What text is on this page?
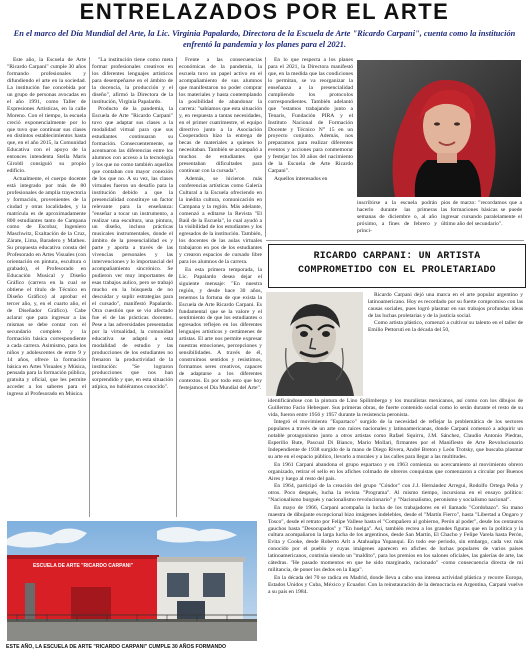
ENTRELAZADOS POR EL ARTE
En el marco del Día Mundial del Arte, la Lic. Virginia Papalardo, Directora de la Escuela de Arte "Ricardo Carpani", cuenta como la institución enfrentó la pandemia y los planes para el 2021.

Este año, la Escuela de Arte "Ricardo Carpani" cumple 30 años formando profesionales y difundiendo el arte en la sociedad. La institución fue concebida por un grupo de personas avocadas en el año 1991, como Taller de Expresiones Artísticas, en la calle Moreno. Con el tiempo, la escuela creció exponencialmente por lo que tuvo que continuar sus clases en distintos establecimientos hasta que, en el año 2015, la Comunidad Educativa con el apoyo de la entonces intendenta Stella Maris Giroldi consiguió su propio edificio.

Actualmente, el cuerpo docente está integrado por más de 80 profesionales de amplia trayectoria y formación, provenientes de la ciudad y otras localidades, y la matrícula es de aproximadamente 800 estudiantes tanto de Campana como de Escobar, Ingeniero Maschwitz, Exaltación de la Cruz, Zárate, Lima, Baradero y Matheu. Su propuesta educativa consta del Profesorado en Artes Visuales (con orientación en pintura, escultura o grabado), el Profesorado en Educación Musical y Diseño Gráfico (carrera en la cual se obtiene el título de Técnico en Diseño Gráfico) al aprobar el tercer año, y, en el cuarto año, el de Diseñador Gráfico). Cabe aclarar que para ingresar a las mismas se debe contar con el secundario completo y la formación básica correspondiente a cada carrera. Asimismo, para los niños y adolescentes de entre 9 y 14 años, ofrece la formación básica en Artes Visuales y Música, pensada para la formación pública, gratuita y oficial, que les permite acceder a los saberes para el ingreso al Profesorado en Música.

"La institución tiene como meta formar profesionales creativos en los diferentes lenguajes artísticos para desempeñarse en el ámbito de la docencia, la producción y el diseño", afirmó la Directora de la institución, Virginia Papalardo.

Producto de la pandemia, la Escuela de Arte "Ricardo Carpani" tuvo que adaptar sus clases a la modalidad virtual para que sus estudiantes continuaran su formación. Consecuentemente, se acentuaron las diferencias entre los alumnos con acceso a la tecnología y los que no como también aquellos que contaban con mayor conexión de los que no. A su vez, las clases virtuales fueron un desafío para la institución debido a que la presencialidad constituye un factor relevante para la enseñanza: "enseñar a tocar un instrumento, a realizar una escultura, una pintura, un diseño, incluso prácticas musicales instrumentales, donde el ámbito de la presencialidad es y parte y aporta a través de las vivencias personales y las intervenciones y lo importancial del acompañamiento sincrónico. Se pudieron ver muy importantes de esas trabajos aulico, pero se trabajó mucho en la búsqueda de no descuidar y suplir estrategias para el cursado", manifestó Papalardo. Otra cuestión que se vio afectado fue el de las prácticas docentes. Pese a las adversidades presentadas por la virtualidad, la comunidad educativa se adaptó a esta modalidad de estudio y las producciones de los estudiantes no frenaron la productividad de la institución: "Se lograron producciones que nos han sorprendido y que, en esta situación atípica, no hubiéramos conocido".

Frente a las consecuencias económicas de la pandemia, la escuela tuvo un papel activo en el acompañamiento de sus alumnos que manifestaron no poder comprar los materiales y hasta contemplando la posibilidad de abandonar la carrera: "sabíamos que esta situación y, en respuesta a tantas necesidades, en el primer cuatrimestre, el equipo directivo junto a la Asociación Cooperadora hizo la entrega de becas de materiales a quienes lo necesitaban. También se acompañó a muchos de estudiantes que presentaban dificultades para continuar con la cursada".

Además, se hicieron más conferencias artísticas como Galería Cultural a la Escuela ofreciendo en la inédita cultura, comunicación en Campana y la región. Más adelante, comenzó a editarse la Revista "El Baúl de la Escuela", lo cual ayudó a la visibilidad de los estudiantes y los egresados de la institución. También, los docentes de las aulas virtuales trabajaron en pos de los estudiantes y crearon espacios de cursado libre para los alumnos de la carrera.

En esta primera temporada, la Lic. Papalardo desea dejar el siguiente mensaje: "En nuestra región, y desde hace 30 años, tenemos la fortuna de que exista la Escuela de Arte Ricardo Carpani. Es fundamental que se la valore y el sentimiento de que los estudiantes o egresados reflejen en los diferentes lenguajes artísticos y certámenes de artistas. El arte nos permite expresar nuestras emociones, percepciones y sensibilidades. A través de él, construimos sentidos y resistimos, formamos seres creativos, capaces de adaptarse a los diferentes contextos. Es por todo esto que hoy festejamos el Día Mundial del Arte".

En lo que respecta a los planes para el 2021, la Directora manifestó que, en la medida que las condiciones lo permitan, se va reorganizar la enseñanza a la presencialidad cumpliendo los protocolos correspondientes. También adelantó que "estamos trabajando junto a Tenaris, Fundación PIRA y el Instituto Nacional de Formación Docente y Técnico N° 15 en un proyecto conjunto. Además, nos preparamos para realizar diferentes eventos y acciones para conmemorar y festejar los 30 años del nacimiento de la Escuela de Arte Ricardo Carpani".

Aquellos interesados en

inscribirse a la escuela podrán hacerlo durante las primeras semanas de diciembre o, al año próximo, a fines de febrero y princi-

pios de marzo: "recordamos que a las formaciones básicas se puede ingresar cursando paralelamente el último año del secundario".

RICARDO CARPANI: UN ARTISTA
COMPROMETIDO CON EL PROLETARIADO

Ricardo Carpani dejó una marca en el arte popular argentino y latinoamericano. Hoy es recordado por su fuerte compromiso con las causas sociales, pues logró plasmar en sus trabajos profundas ideas de las luchas proletarias y de la justicia social.

Como artista plástico, comenzó a cultivar su talento en el taller de Emilio Pettoruti en la década del 50,

identificándose con la pintura de Lino Spilimbergo y los muralistas mexicanos, así como con los dibujos de Guillermo Facio Hebequer. Sus primeras obras, de fuerte contenido social como lo serán durante el resto de su vida, fueron entre 1956 y 1957 durante la resistencia peronista.

Integró el movimiento "Espartaco" surgido de la necesidad de reflejar la problemática de los sectores populares a través de un arte con raíces nacionales y latinoamericanas, donde Carpani comenzó a adquirir un notable protagonismo junto a otros artistas como Rafael Squirru, J.M. Sánchez, Claudio Antonio Piedras, Esperilio Bute, Pascual Di Bianco, Mario Mollari, firmantes por el Manifiesto de Arte Revolucionario Independiente de 1938 surgido de la mano de Diego Rivera, André Breton y León Trotsky, que buscaba plasmar su arte en el espacio público, llevarlo a murales y a las calles para llegar a las multitudes.

En 1961 Carpani abandona el grupo espartaco y en 1963 comienza su acercamiento al movimiento obrero organizado, retirar el sello en los afiches colmado de obreros conquistas que comenzaron a circular por Buenos Aires y luego al resto del país.

En 1964, participó de la creación del grupo "Cóndor" con J.J. Hernández Arregui, Rodolfo Ortega Peña y otros. Poco después, lucha la revista "Programa". Al mismo tiempo, incursiona en el ensayo político: "Nacionalismo burgués y nacionalismo revolucionario" y "Nacionalismo, peronismo y socialismo nacional".

En mayo de 1966, Carpani acompaña la lucha de los trabajadores en el llamado "Cordobazo". Su mano maestra de dibujante excepcional bizo imágenes indelebles, desde el "Martín Fierro", hasta "Libertad a Ongaro y Tosco", desde el retrato por Felipe Vallese hasta el "Compañero al gobierno, Perón al poder", desde los centauros gauchos hasta "Desocupados" y "En huelga". Así, también recrea a los grandes figuras que en la política y la cultura acompañaron la larga lucha de los argentinos, desde San Martín, El Chacho y Felipe Varela hasta Perón, Evita y Cooke, desde Roberto Arlt a Atahualpa Yupanqui. En todo ese periodo, sin embargo, cada vez más conocido por el pueblo y cuyas imágenes aparecen en afiches de luchas populares de varios países latinoamericanos, continúa siendo un "maldito", para los premios en los salones oficiales, las galerías de arte, las cátedras. "He pasado momentos en que he sido marginado, racionado" -como consecuencia directa de mi militancia, de poner los dedos en la llaga".

En la década del 70 se radica en Madrid, donde lleva a cabo una intensa actividad plástica y recorre Europa, Estados Unidos y Cuba, México y Ecuador. Con la reinstauración de la democracia en Argentina, Carpani vuelve a su país en 1984.

ESCUELA DE ARTE "RICARDO CARPANI"
ESTE AÑO, LA ESCUELA DE ARTE "RICARDO CARPANI" CUMPLE 30 AÑOS FORMANDO
